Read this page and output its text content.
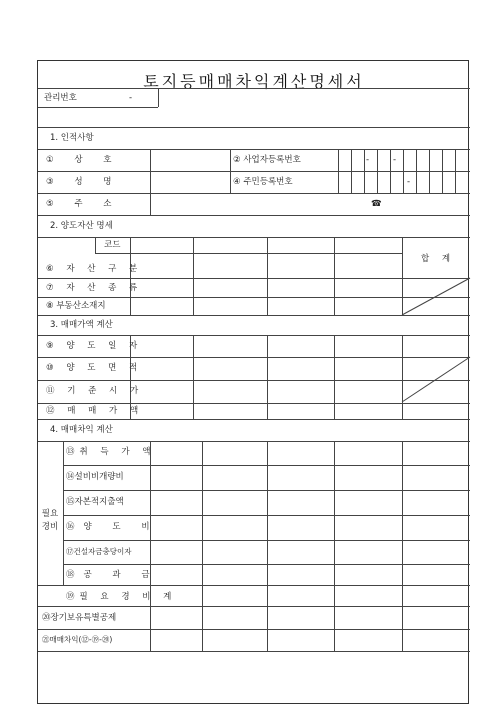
토지등매매차익계산명세서
관리번호	-
1. 인적사항
① 상 호	② 사업자등록번호	-	-
③ 성 명	④ 주민등록번호	-
⑤ 주 소	☎
2. 양도자산 명세
코드
합 계
⑥ 자 산 구 분
⑦ 자 산 종 류
⑧ 부동산소재지
3. 매매가액 계산
⑨ 양 도 일 자
⑩ 양 도 면 적
⑪ 기 준 시 가
⑫ 매 매 가 액
4. 매매차익 계산
필요경비
⑬취 득 가 액
⑭설비비개량비
⑮자본적지출액
⑯양 도 비
⑰건설자금충당이자
⑱공 과 금
⑲필 요 경 비 계
⑳장기보유특별공제
㉑매매차익(⑫-⑲-⑳)
